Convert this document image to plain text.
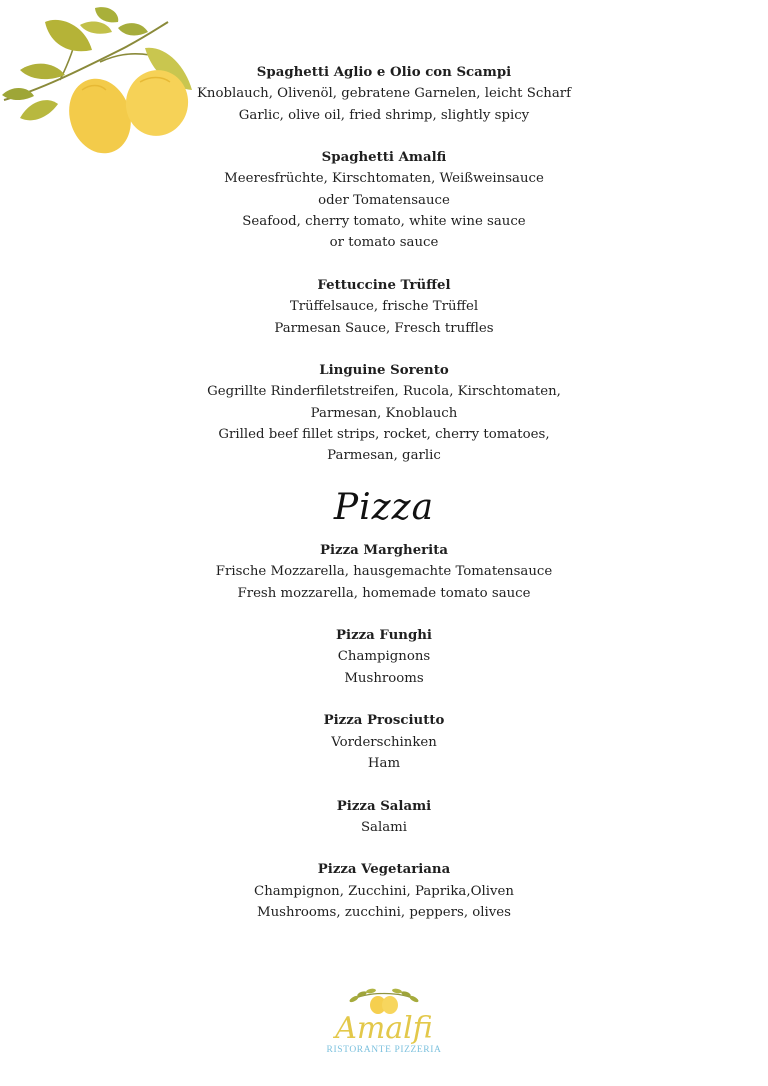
Spaghetti Aglio e Olio con Scampi
Knoblauch, Olivenöl, gebratene Garnelen, leicht Scharf
Garlic, olive oil, fried shrimp, slightly spicy
Spaghetti Amalfi
Meeresfrüchte, Kirschtomaten, Weißweinsauce
oder Tomatensauce
Seafood, cherry tomato, white wine sauce
or tomato sauce
Fettuccine Trüffel
Trüffelsauce, frische Trüffel
Parmesan Sauce, Fresch truffles
Linguine Sorento
Gegrillte Rinderfiletstreifen, Rucola, Kirschtomaten,
Parmesan, Knoblauch
Grilled beef fillet strips, rocket, cherry tomatoes,
Parmesan, garlic
Pizza
Pizza Margherita
Frische Mozzarella, hausgemachte Tomatensauce
Fresh mozzarella, homemade tomato sauce
Pizza Funghi
Champignons
Mushrooms
Pizza Prosciutto
Vorderschinken
Ham
Pizza Salami
Salami
Pizza Vegetariana
Champignon, Zucchini, Paprika,Oliven
Mushrooms, zucchini, peppers, olives
Amalfi
RISTORANTE PIZZERIA
